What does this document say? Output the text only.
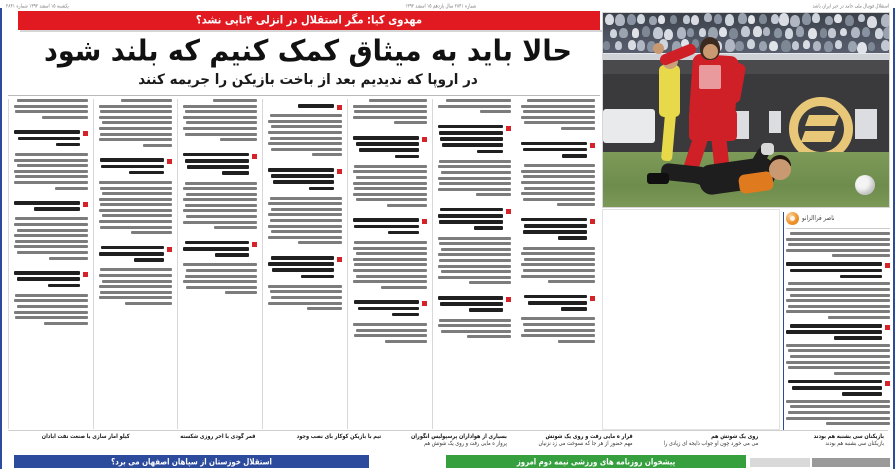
استقلال فوتبال ملی حامد در خبر ایران باشد
شماره ۲۸۴۱ سال یازدهم ۱۵ اسفند ۱۳۹۲
یکشنبه ۱۵ اسفند ۱۳۹۲ شماره ۲۸۴۱
مهدوی کیا: مگر استقلال در انزلی ۴تایی نشد؟
حالا باید به میثاق کمک کنیم که بلند شود
در اروپا که ندیدیم بعد از باخت بازیکن را جریمه کنند
ناصر فراالزانو
کیلو امار سازی با صنعت نفت آبادان	قمر گودی با آخر روزی شکسته	تیم با بازیکن کوکار بای نصب وجود	بسیاری از هواداران پرسپولیس انگوران
پرواز ه مایی رفت و روی یک شوتش هم
قرار ه مایی رفت و روی یک شوتش
مهم حضور از هر جا که نسوخت می زد نزنیان
روی یک شوتش هم
می می خورد چون او جواب ذایجه ای زیادی را
بازیکنان سی بشنبه هم بودند
بازیکنان سی بشنبه هم بودند
استقلال خوزستان از سپاهان اصفهان می برد؟	پیشخوان روزنامه های ورزشی نیمه دوم امروز
